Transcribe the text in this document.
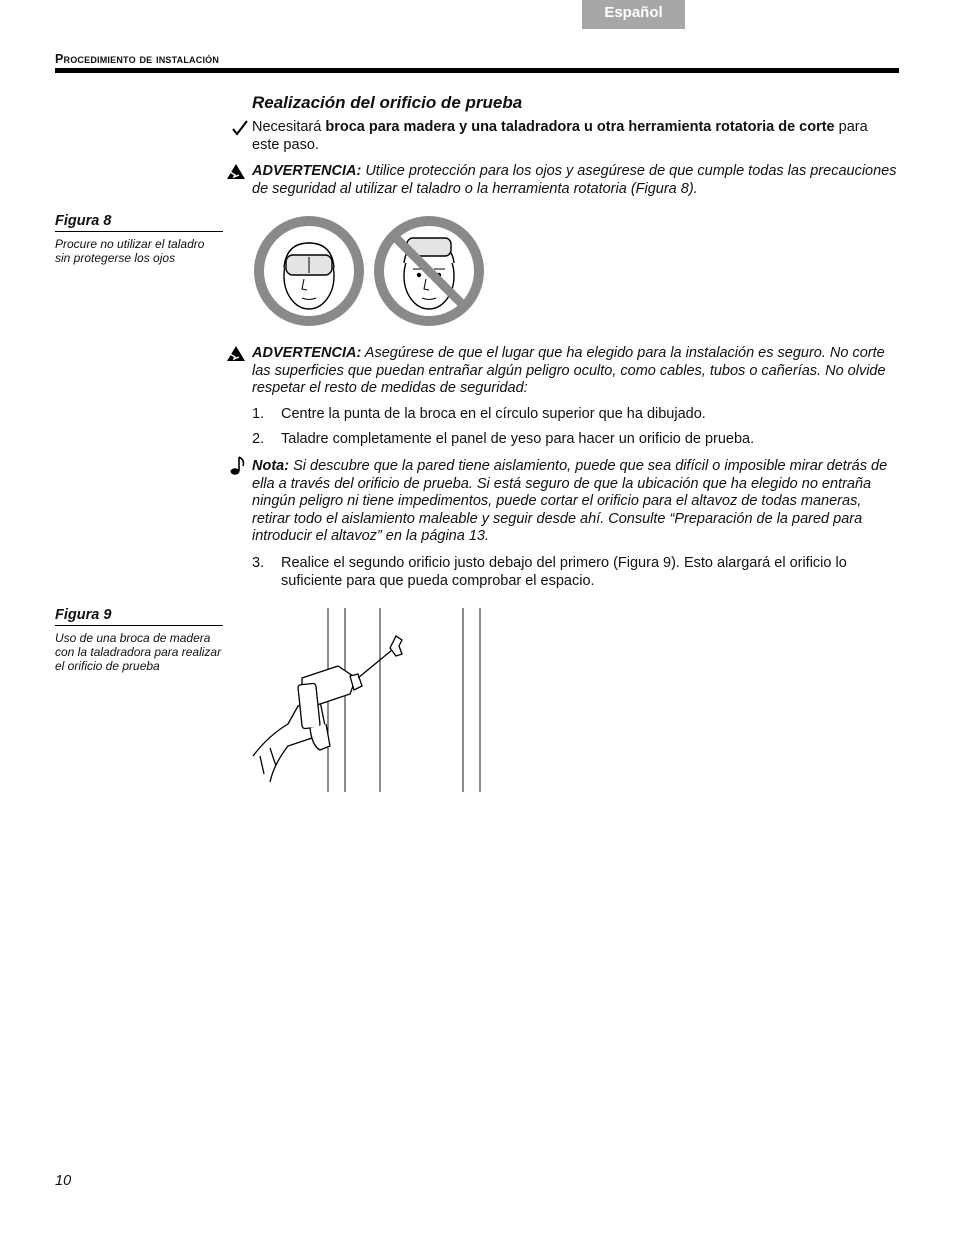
Español
Procedimiento de instalación
Realización del orificio de prueba
Necesitará broca para madera y una taladradora u otra herramienta rotatoria de corte para este paso.
ADVERTENCIA: Utilice protección para los ojos y asegúrese de que cumple todas las precauciones de seguridad al utilizar el taladro o la herramienta rotatoria (Figura 8).
Figura 8
Procure no utilizar el taladro sin protegerse los ojos
ADVERTENCIA: Asegúrese de que el lugar que ha elegido para la instalación es seguro. No corte las superficies que puedan entrañar algún peligro oculto, como cables, tubos o cañerías. No olvide respetar el resto de medidas de seguridad:
1. Centre la punta de la broca en el círculo superior que ha dibujado.
2. Taladre completamente el panel de yeso para hacer un orificio de prueba.
Nota: Si descubre que la pared tiene aislamiento, puede que sea difícil o imposible mirar detrás de ella a través del orificio de prueba. Si está seguro de que la ubicación que ha elegido no entraña ningún peligro ni tiene impedimentos, puede cortar el orificio para el altavoz de todas maneras, retirar todo el aislamiento maleable y seguir desde ahí. Consulte “Preparación de la pared para introducir el altavoz” en la página 13.
3. Realice el segundo orificio justo debajo del primero (Figura 9). Esto alargará el orificio lo suficiente para que pueda comprobar el espacio.
Figura 9
Uso de una broca de madera con la taladradora para realizar el orificio de prueba
10
